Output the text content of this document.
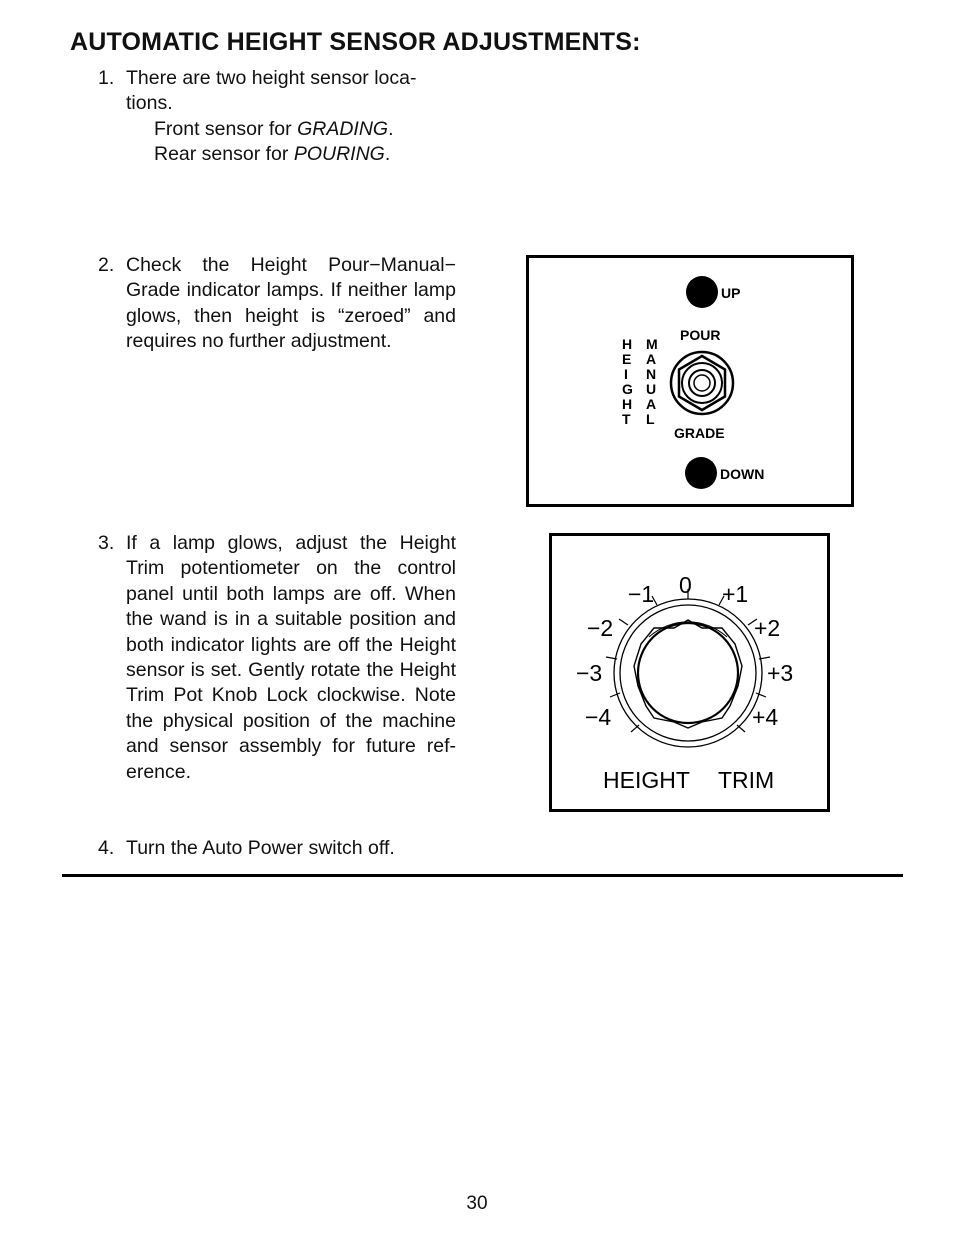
AUTOMATIC HEIGHT SENSOR ADJUSTMENTS:
1. There are two height sensor loca-tions.
Front sensor for GRADING.
Rear sensor for POURING.
2. Check the Height Pour−Manual− Grade indicator lamps. If neither lamp glows, then height is “zeroed” and requires no further adjustment.
3. If a lamp glows, adjust the Height Trim potentiometer on the control panel until both lamps are off. When the wand is in a suitable position and both indicator lights are off the Height sensor is set. Gently rotate the Height Trim Pot Knob Lock clockwise. Note the physical position of the machine and sensor assembly for future ref-erence.
4. Turn the Auto Power switch off.
UP
POUR
H
E
I
G
H
T
M
A
N
U
A
L
GRADE
DOWN
−4
−3
−2
−1 0 +1
+2
+3
+4
HEIGHT TRIM
30
